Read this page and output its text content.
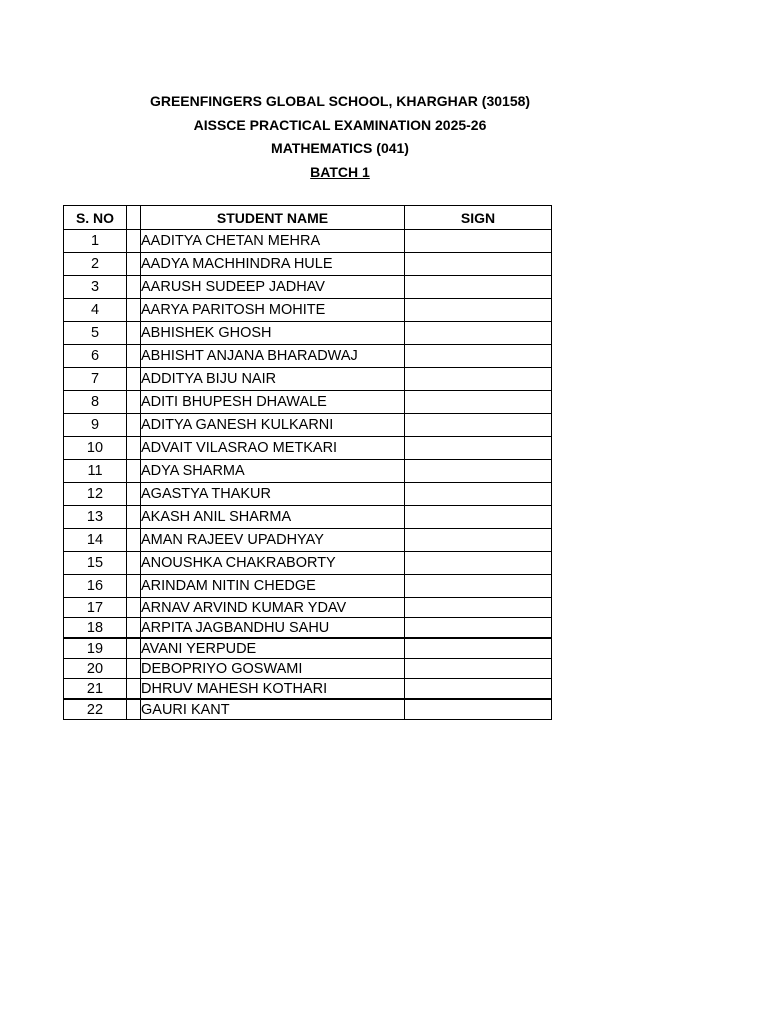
GREENFINGERS GLOBAL SCHOOL, KHARGHAR (30158)
AISSCE PRACTICAL EXAMINATION 2025-26
MATHEMATICS (041)
BATCH 1
S. NO		STUDENT NAME	SIGN
1		AADITYA CHETAN MEHRA	
2		AADYA MACHHINDRA HULE	
3		AARUSH SUDEEP JADHAV	
4		AARYA PARITOSH MOHITE	
5		ABHISHEK GHOSH	
6		ABHISHT ANJANA BHARADWAJ	
7		ADDITYA BIJU NAIR	
8		ADITI BHUPESH DHAWALE	
9		ADITYA GANESH KULKARNI	
10		ADVAIT VILASRAO METKARI	
11		ADYA SHARMA	
12		AGASTYA THAKUR	
13		AKASH ANIL SHARMA	
14		AMAN RAJEEV UPADHYAY	
15		ANOUSHKA CHAKRABORTY	
16		ARINDAM NITIN CHEDGE	
17		ARNAV ARVIND KUMAR YDAV	
18		ARPITA JAGBANDHU SAHU	
19		AVANI YERPUDE	
20		DEBOPRIYO GOSWAMI	
21		DHRUV MAHESH KOTHARI	
22		GAURI KANT	
